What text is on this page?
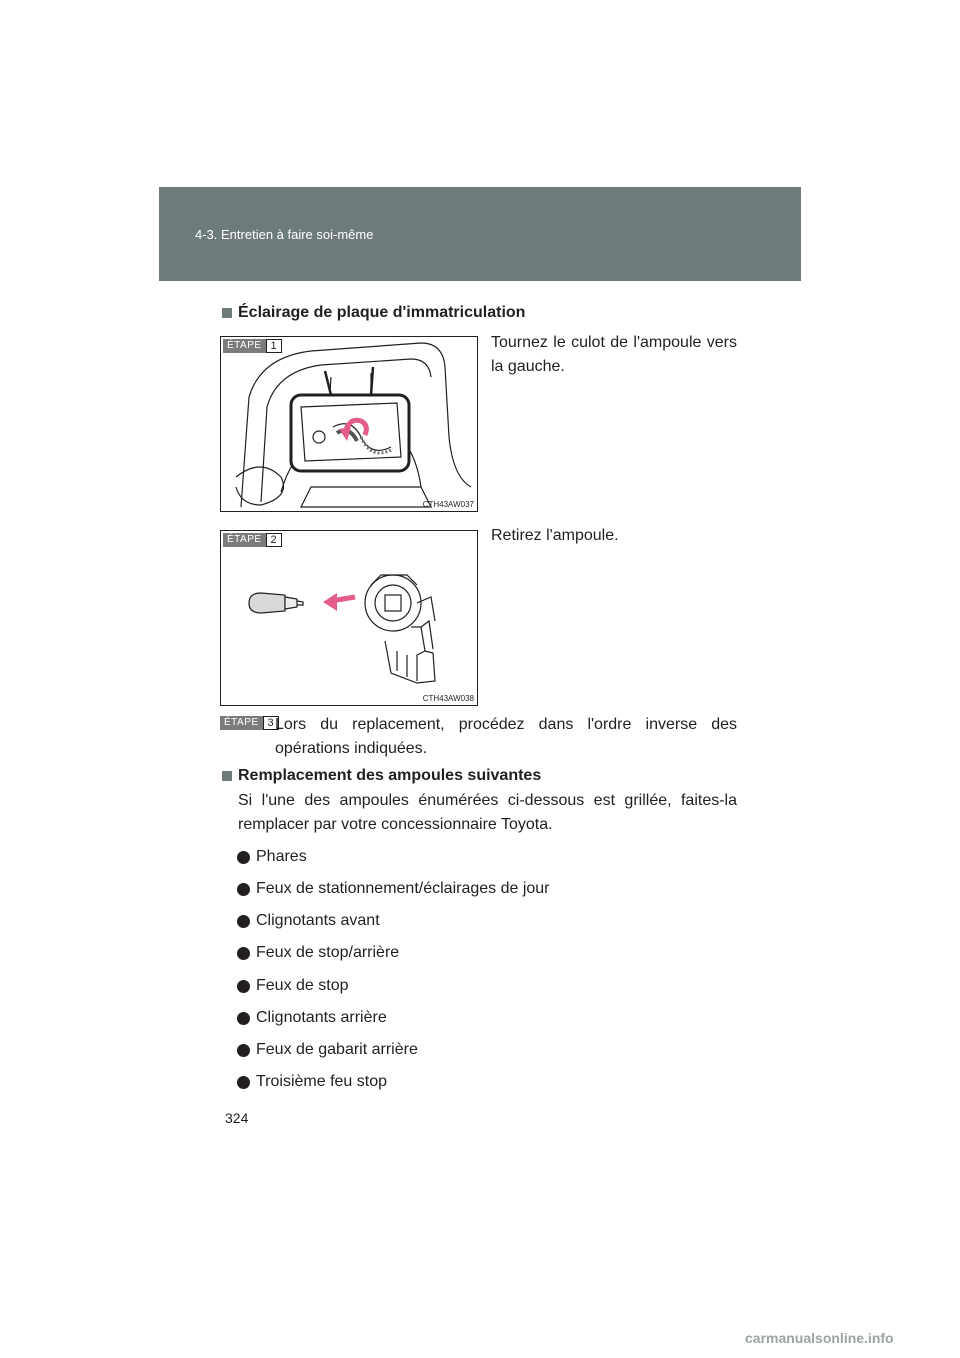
4-3. Entretien à faire soi-même
Éclairage de plaque d'immatriculation
ÉTAPE 1
CTH43AW037
Tournez le culot de l'ampoule vers la gauche.
ÉTAPE 2
CTH43AW038
Retirez l'ampoule.
ÉTAPE 3 Lors du replacement, procédez dans l'ordre inverse des opérations indiquées.
Remplacement des ampoules suivantes
Si l'une des ampoules énumérées ci-dessous est grillée, faites-la remplacer par votre concessionnaire Toyota.
Phares
Feux de stationnement/éclairages de jour
Clignotants avant
Feux de stop/arrière
Feux de stop
Clignotants arrière
Feux de gabarit arrière
Troisième feu stop
324
carmanualsonline.info
